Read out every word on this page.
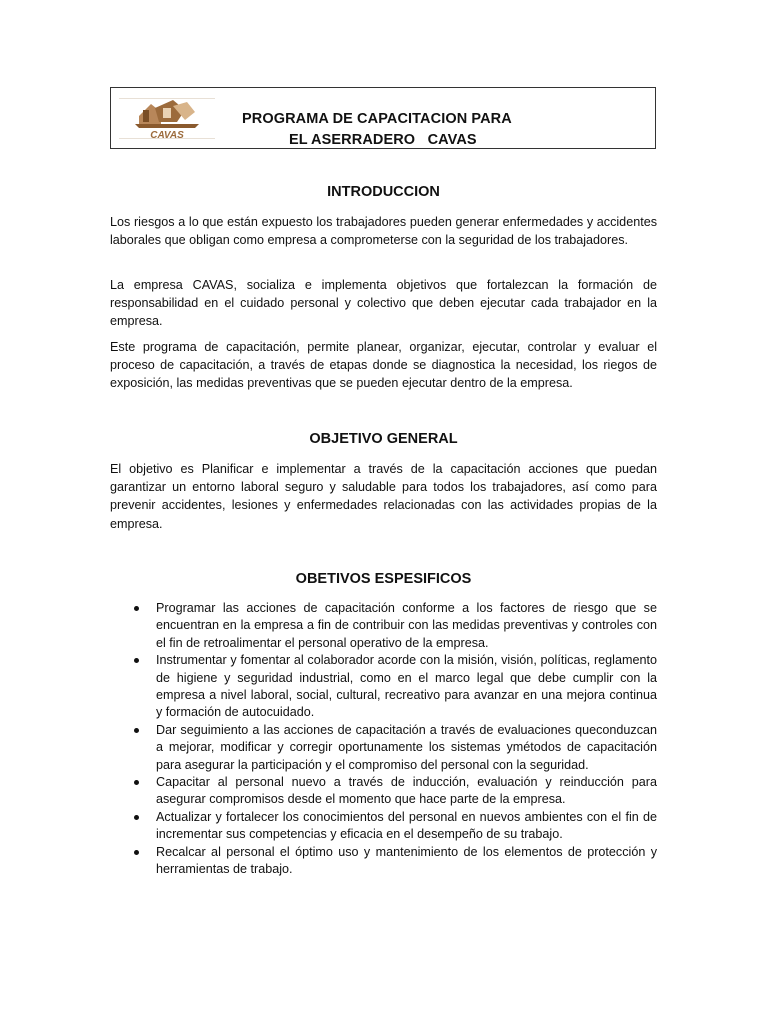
CAVAS
PROGRAMA DE CAPACITACION PARA
EL ASERRADERO   CAVAS
INTRODUCCION

Los riesgos a lo que están expuesto los trabajadores pueden generar enfermedades y accidentes laborales que obligan como empresa a comprometerse con la seguridad de los trabajadores.

La empresa CAVAS, socializa e implementa objetivos que fortalezcan la formación de responsabilidad en el cuidado personal y colectivo que deben ejecutar cada trabajador en la empresa.

Este programa de capacitación, permite planear, organizar, ejecutar, controlar y evaluar el proceso de capacitación, a través de etapas donde se diagnostica la necesidad, los riegos de exposición, las medidas preventivas que se pueden ejecutar dentro de la empresa.

OBJETIVO GENERAL

El objetivo es Planificar e implementar a través de la capacitación acciones que puedan garantizar un entorno laboral seguro y saludable para todos los trabajadores, así como para prevenir accidentes, lesiones y enfermedades relacionadas con las actividades propias de la empresa.

OBETIVOS ESPESIFICOS
Programar las acciones de capacitación conforme a los factores de riesgo que se encuentran en la empresa a fin de contribuir con las medidas preventivas y controles con el fin de retroalimentar el personal operativo de la empresa.
Instrumentar y fomentar al colaborador acorde con la misión, visión, políticas, reglamento de higiene y seguridad industrial, como en el marco legal que debe cumplir con la empresa a nivel laboral, social, cultural, recreativo para avanzar en una mejora continua y formación de autocuidado.
Dar seguimiento a las acciones de capacitación a través de evaluaciones queconduzcan a mejorar, modificar y corregir oportunamente los sistemas ymétodos de capacitación para asegurar la participación y el compromiso del personal con la seguridad.
Capacitar al personal nuevo a través de inducción, evaluación y reinducción para asegurar compromisos desde el momento que hace parte de la empresa.
Actualizar y fortalecer los conocimientos del personal en nuevos ambientes con el fin de incrementar sus competencias y eficacia en el desempeño de su trabajo.
Recalcar al personal el óptimo uso y mantenimiento de los elementos de protección y herramientas de trabajo.
